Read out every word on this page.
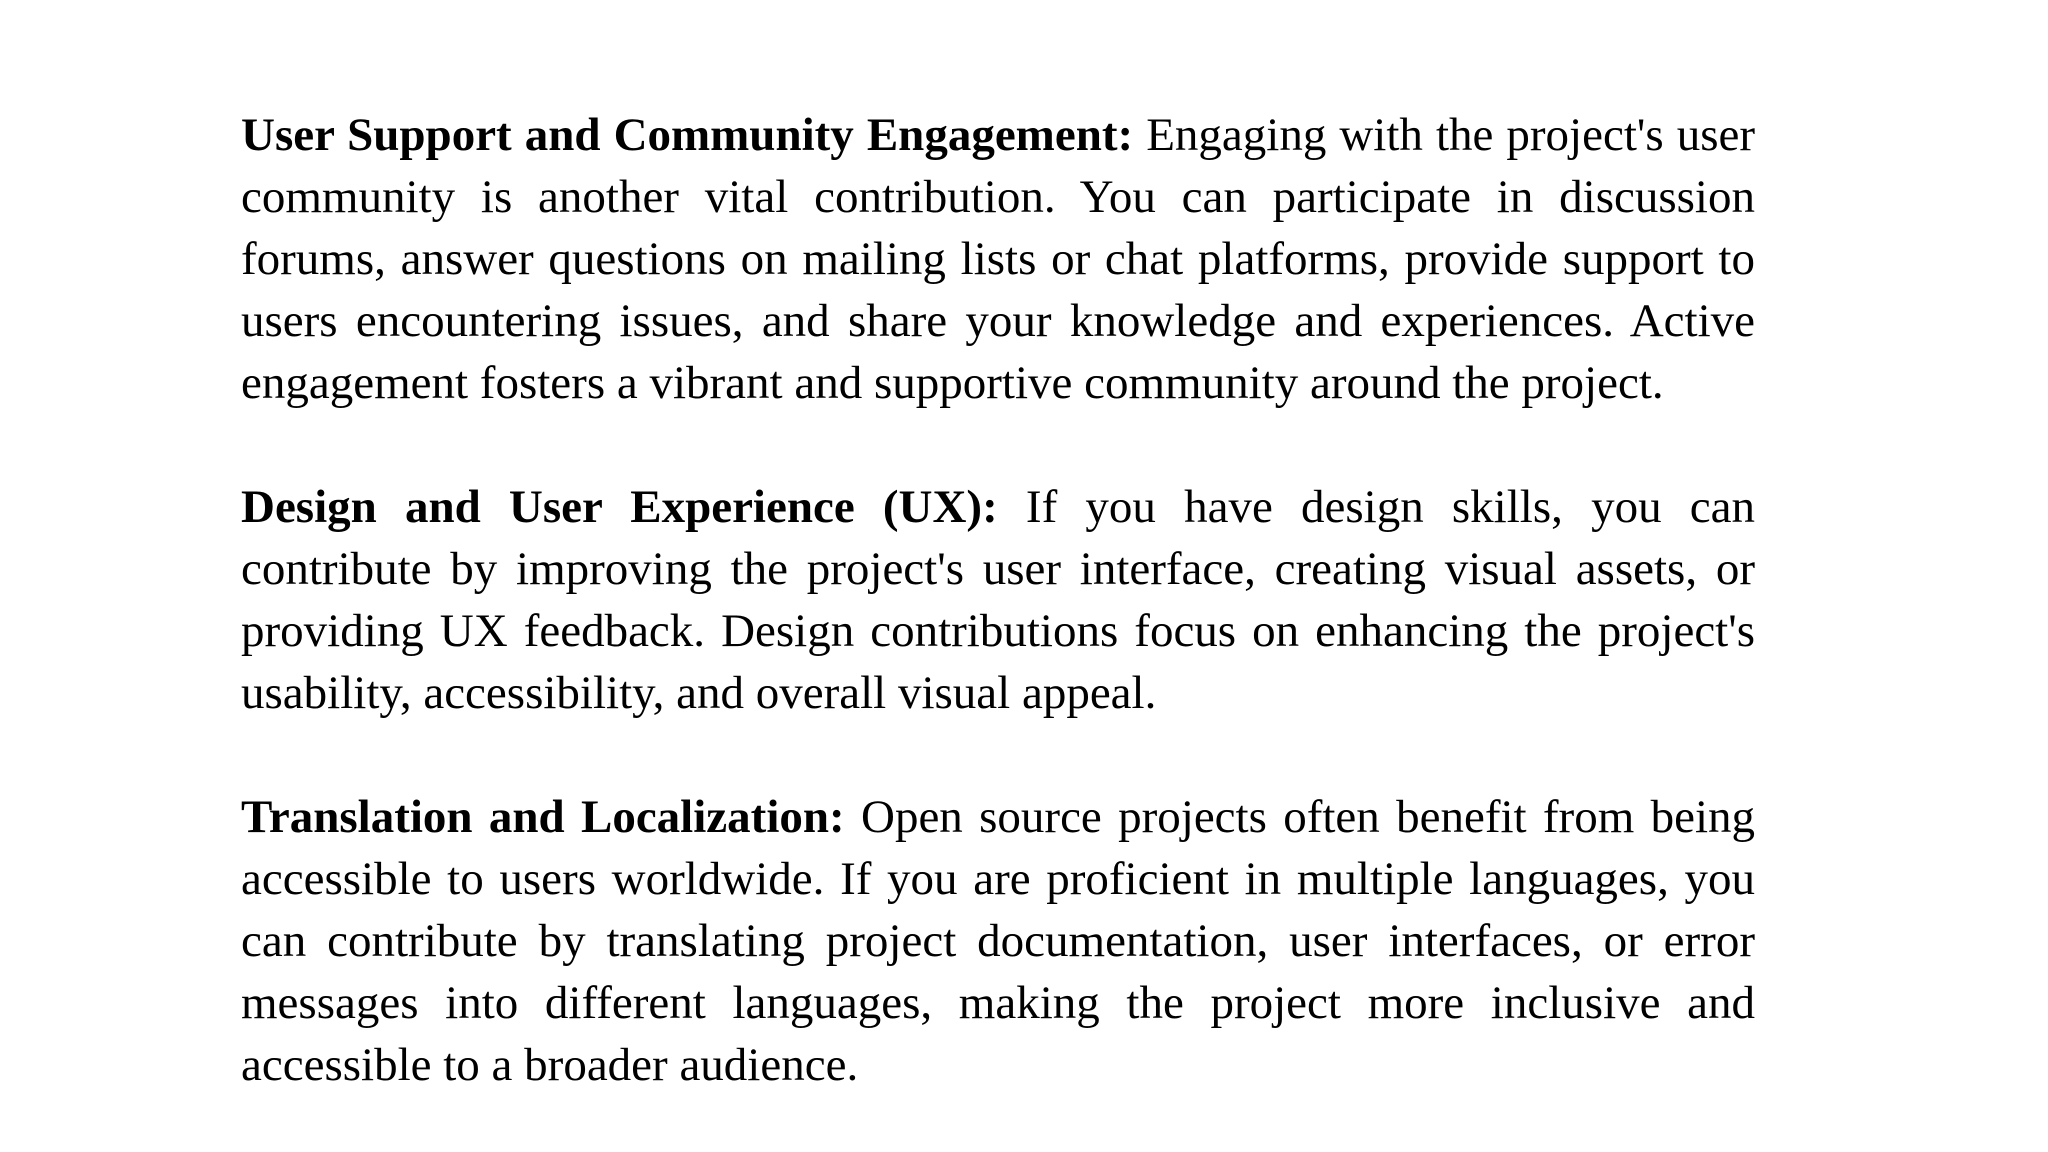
User Support and Community Engagement: Engaging with the project's user community is another vital contribution. You can participate in discussion forums, answer questions on mailing lists or chat platforms, provide support to users encountering issues, and share your knowledge and experiences. Active engagement fosters a vibrant and supportive community around the project.

Design and User Experience (UX): If you have design skills, you can contribute by improving the project's user interface, creating visual assets, or providing UX feedback. Design contributions focus on enhancing the project's usability, accessibility, and overall visual appeal.

Translation and Localization: Open source projects often benefit from being accessible to users worldwide. If you are proficient in multiple languages, you can contribute by translating project documentation, user interfaces, or error messages into different languages, making the project more inclusive and accessible to a broader audience.
